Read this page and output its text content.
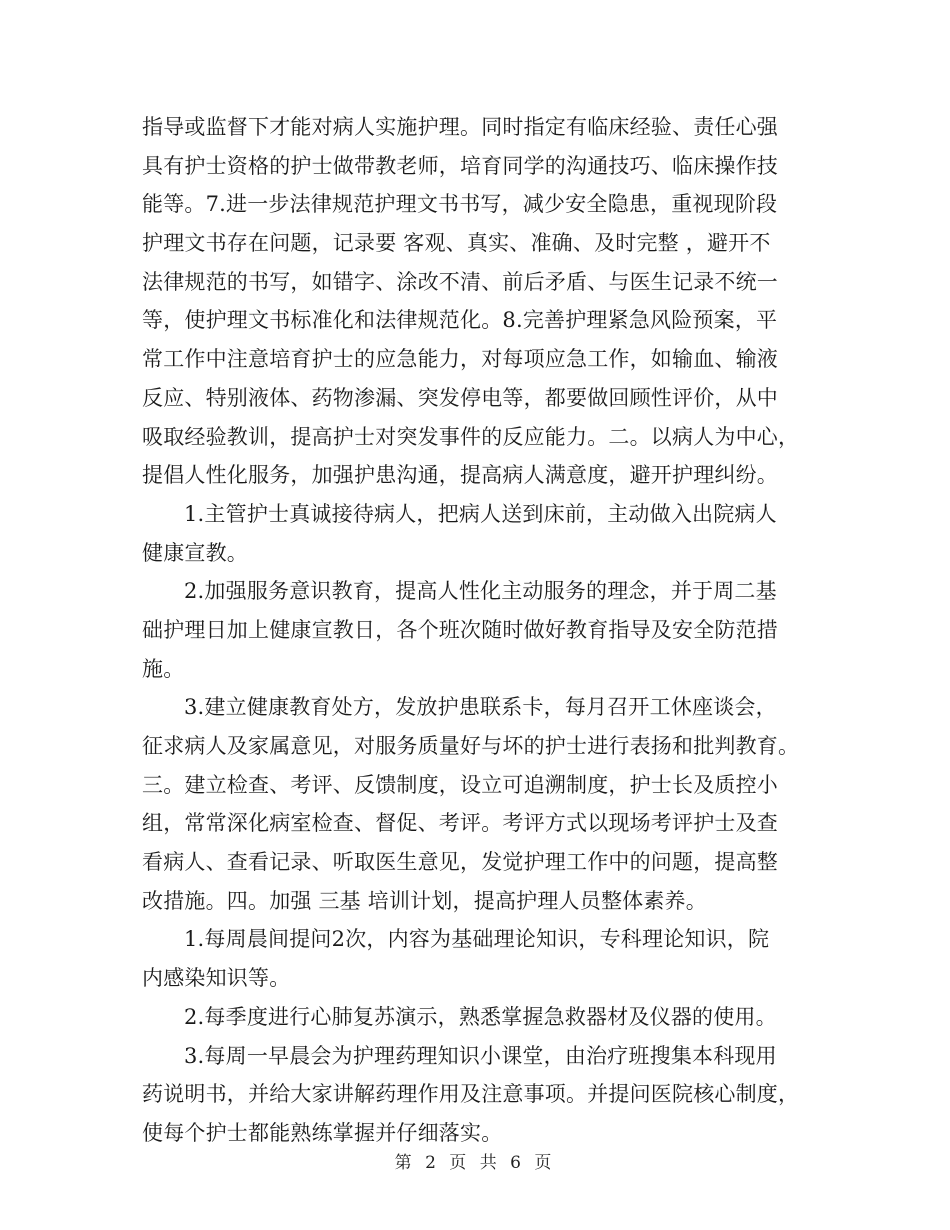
指导或监督下才能对病人实施护理。同时指定有临床经验、责任心强
具有护士资格的护士做带教老师，培育同学的沟通技巧、临床操作技
能等。7.进一步法律规范护理文书书写，减少安全隐患，重视现阶段
护理文书存在问题，记录要 客观、真实、准确、及时完整 ，避开不
法律规范的书写，如错字、涂改不清、前后矛盾、与医生记录不统一
等，使护理文书标准化和法律规范化。8.完善护理紧急风险预案，平
常工作中注意培育护士的应急能力，对每项应急工作，如输血、输液
反应、特别液体、药物渗漏、突发停电等，都要做回顾性评价，从中
吸取经验教训，提高护士对突发事件的反应能力。二。以病人为中心，
提倡人性化服务，加强护患沟通，提高病人满意度，避开护理纠纷。
1.主管护士真诚接待病人，把病人送到床前，主动做入出院病人
健康宣教。
2.加强服务意识教育，提高人性化主动服务的理念，并于周二基
础护理日加上健康宣教日，各个班次随时做好教育指导及安全防范措
施。
3.建立健康教育处方，发放护患联系卡，每月召开工休座谈会，
征求病人及家属意见，对服务质量好与坏的护士进行表扬和批判教育。
三。建立检查、考评、反馈制度，设立可追溯制度，护士长及质控小
组，常常深化病室检查、督促、考评。考评方式以现场考评护士及查
看病人、查看记录、听取医生意见，发觉护理工作中的问题，提高整
改措施。四。加强 三基 培训计划，提高护理人员整体素养。
1.每周晨间提问2次，内容为基础理论知识，专科理论知识，院
内感染知识等。
2.每季度进行心肺复苏演示，熟悉掌握急救器材及仪器的使用。
3.每周一早晨会为护理药理知识小课堂，由治疗班搜集本科现用
药说明书，并给大家讲解药理作用及注意事项。并提问医院核心制度，
使每个护士都能熟练掌握并仔细落实。
第 2 页 共 6 页
